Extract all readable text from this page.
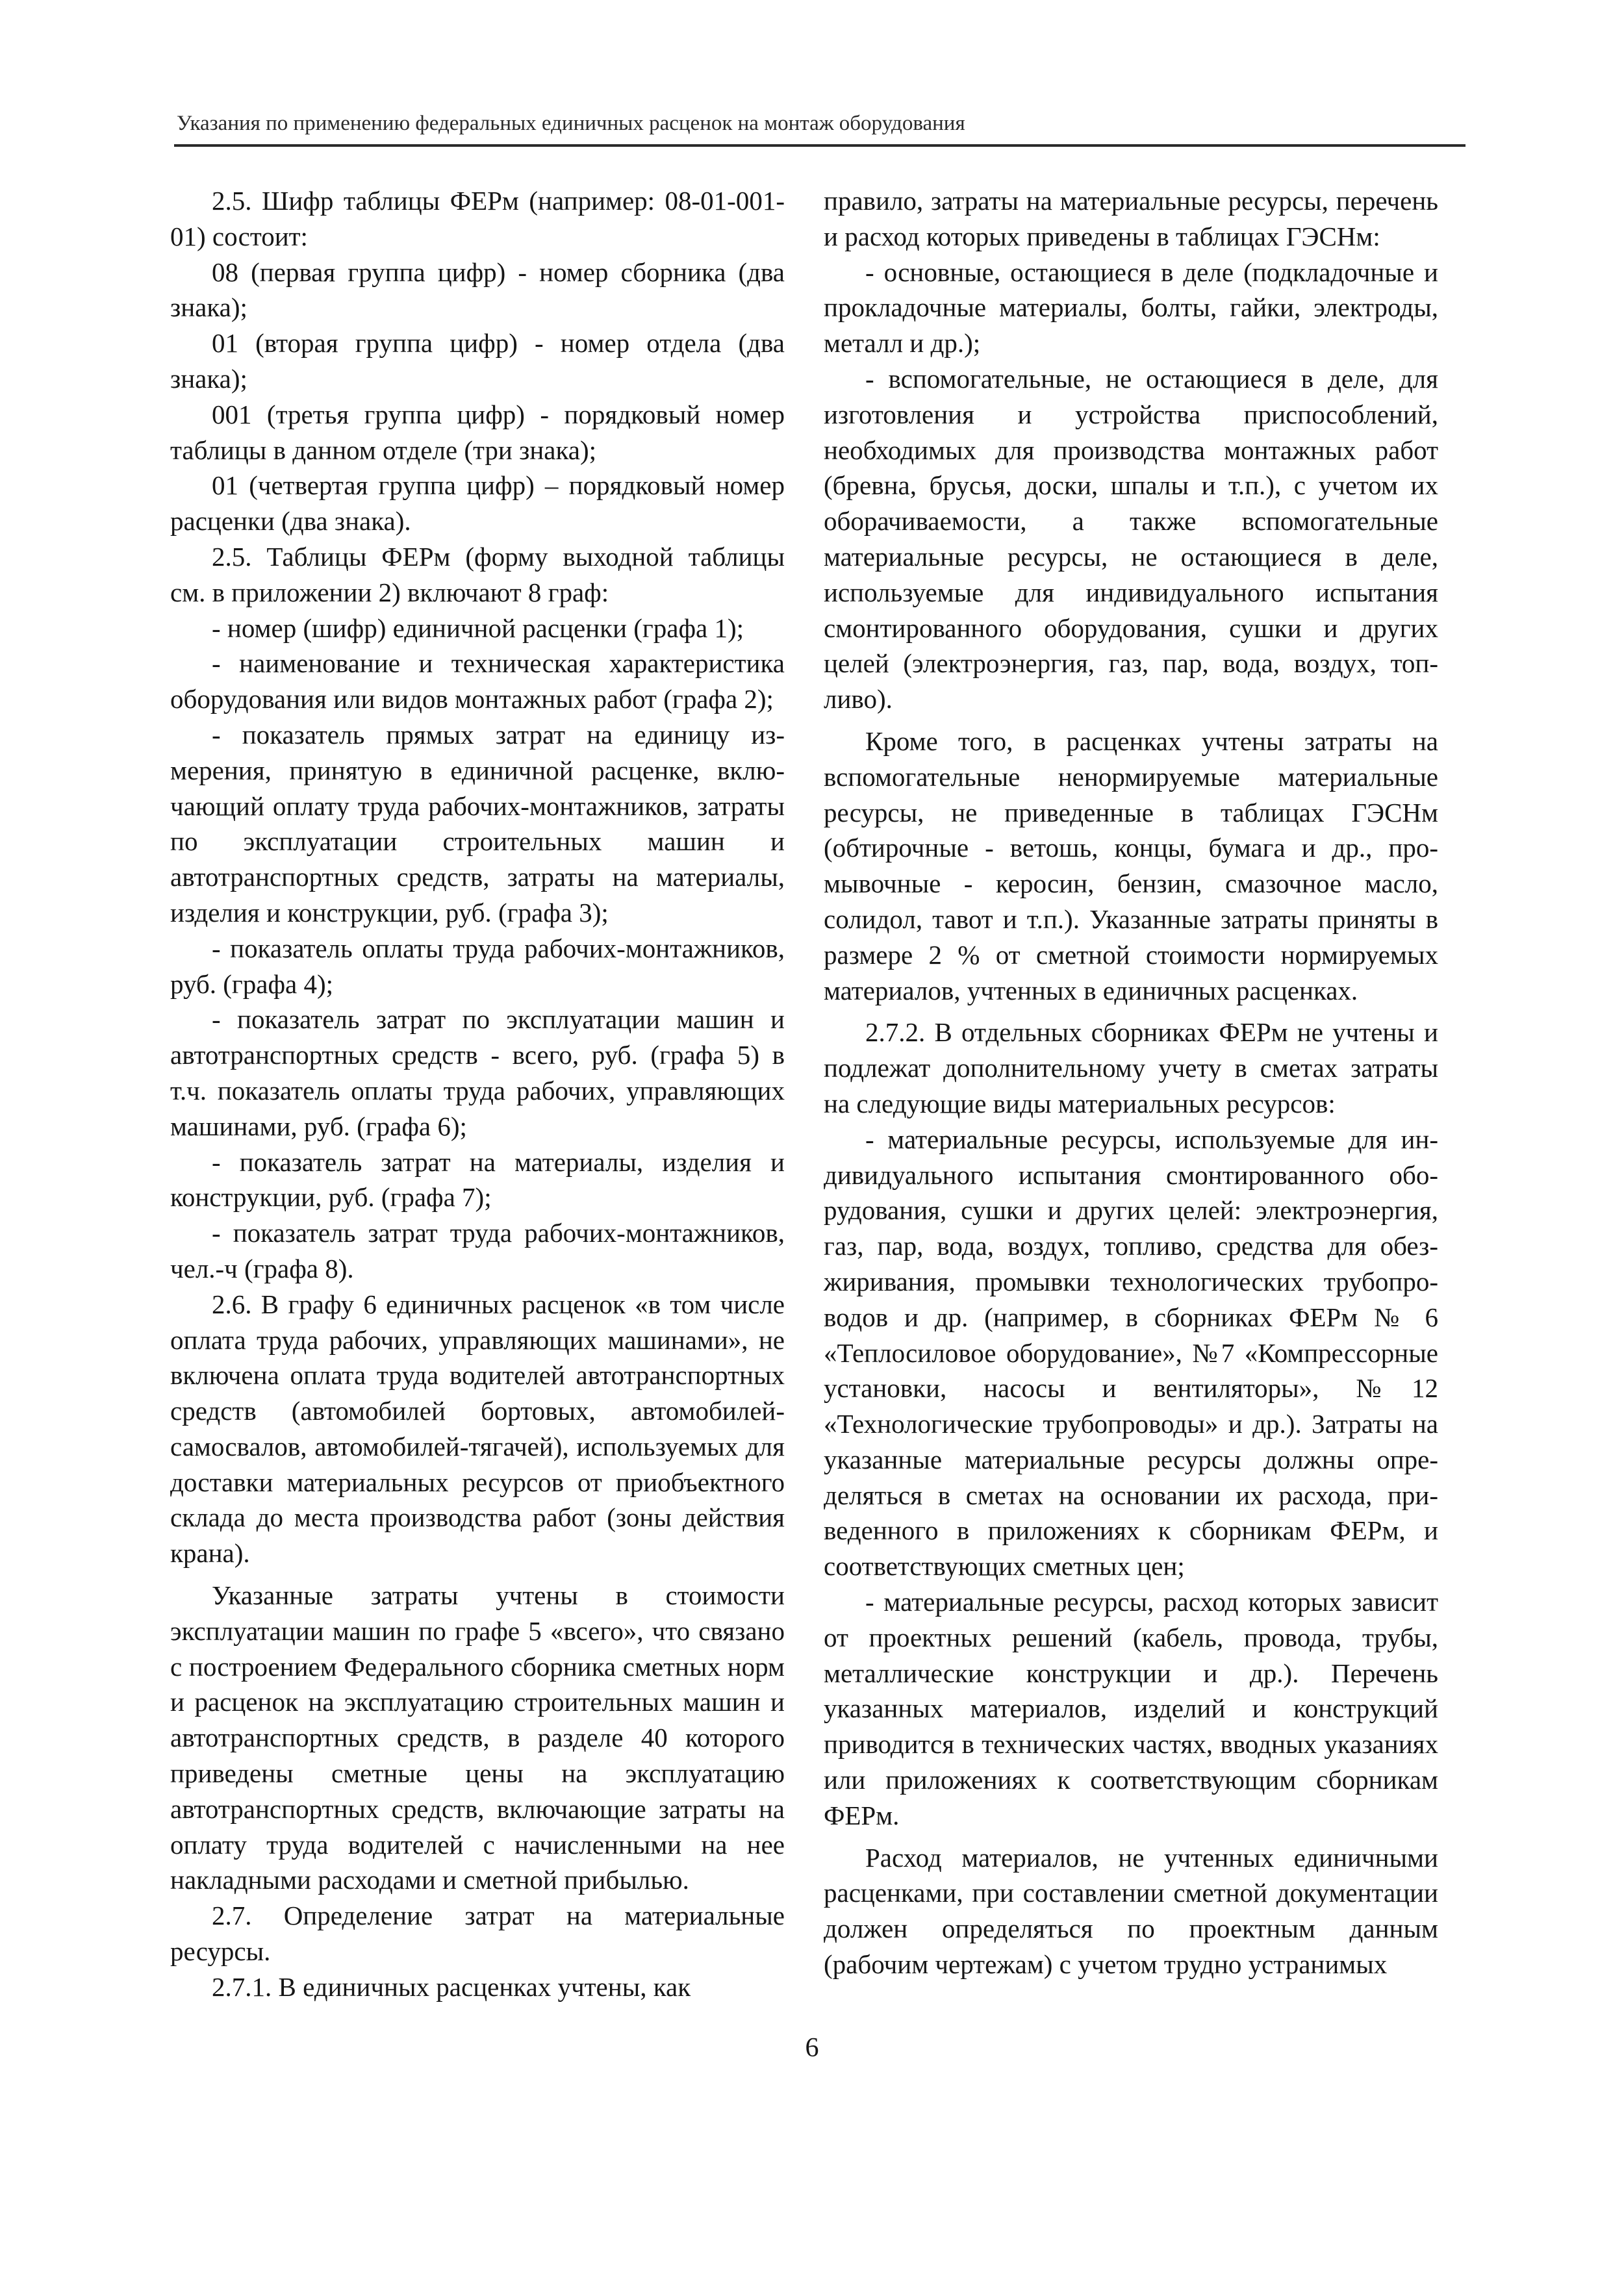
Указания по применению федеральных единичных расценок на монтаж оборудования

2.5. Шифр таблицы ФЕРм (например: 08-01-001-01) состоит:

08 (первая группа цифр) - номер сборника (два знака);

01 (вторая группа цифр) - номер отдела (два знака);

001 (третья группа цифр) - порядковый номер таблицы в данном отделе (три знака);

01 (четвертая группа цифр) – порядковый номер расценки (два знака).

2.5. Таблицы ФЕРм (форму выходной таблицы см. в приложении 2) включают 8 граф:

- номер (шифр) единичной расценки (графа 1);

- наименование и техническая характеристика оборудования или видов монтажных работ (графа 2);

- показатель прямых затрат на единицу измерения, принятую в единичной расценке, включающий оплату труда рабочих-монтажников, затраты по эксплуатации строительных машин и автотранспортных средств, затраты на материалы, изделия и конструкции, руб. (графа 3);

- показатель оплаты труда рабочих-монтажников, руб. (графа 4);

- показатель затрат по эксплуатации машин и автотранспортных средств - всего, руб. (графа 5) в т.ч. показатель оплаты труда рабочих, управляющих машинами, руб. (графа 6);

- показатель затрат на материалы, изделия и конструкции, руб. (графа 7);

- показатель затрат труда рабочих-монтажников, чел.-ч (графа 8).

2.6. В графу 6 единичных расценок «в том числе оплата труда рабочих, управляющих машинами», не включена оплата труда водителей автотранспортных средств (автомобилей бортовых, автомобилей-самосвалов, автомобилей-тягачей), используемых для доставки материальных ресурсов от приобъектного склада до места производства работ (зоны действия крана).

Указанные затраты учтены в стоимости эксплуатации машин по графе 5 «всего», что связано с построением Федерального сборника сметных норм и расценок на эксплуатацию строительных машин и автотранспортных средств, в разделе 40 которого приведены сметные цены на эксплуатацию автотранспортных средств, включающие затраты на оплату труда водителей с начисленными на нее накладными расходами и сметной прибылью.

2.7. Определение затрат на материальные ресурсы.

2.7.1. В единичных расценках учтены, как

правило, затраты на материальные ресурсы, перечень и расход которых приведены в таблицах ГЭСНм:

- основные, остающиеся в деле (подкладочные и прокладочные материалы, болты, гайки, электроды, металл и др.);

- вспомогательные, не остающиеся в деле, для изготовления и устройства приспособлений, необходимых для производства монтажных работ (бревна, брусья, доски, шпалы и т.п.), с учетом их оборачиваемости, а также вспомогательные материальные ресурсы, не остающиеся в деле, используемые для индивидуального испытания смонтированного оборудования, сушки и других целей (электроэнергия, газ, пар, вода, воздух, топливо).

Кроме того, в расценках учтены затраты на вспомогательные ненормируемые материальные ресурсы, не приведенные в таблицах ГЭСНм (обтирочные - ветошь, концы, бумага и др., промывочные - керосин, бензин, смазочное масло, солидол, тавот и т.п.). Указанные затраты приняты в размере 2 % от сметной стоимости нормируемых материалов, учтенных в единичных расценках.

2.7.2. В отдельных сборниках ФЕРм не учтены и подлежат дополнительному учету в сметах затраты на следующие виды материальных ресурсов:

- материальные ресурсы, используемые для индивидуального испытания смонтированного оборудования, сушки и других целей: электроэнергия, газ, пар, вода, воздух, топливо, средства для обезжиривания, промывки технологических трубопроводов и др. (например, в сборниках ФЕРм № 6 «Теплосиловое оборудование», №7 «Компрессорные установки, насосы и вентиляторы», №12 «Технологические трубопроводы» и др.). Затраты на указанные материальные ресурсы должны определяться в сметах на основании их расхода, приведенного в приложениях к сборникам ФЕРм, и соответствующих сметных цен;

- материальные ресурсы, расход которых зависит от проектных решений (кабель, провода, трубы, металлические конструкции и др.). Перечень указанных материалов, изделий и конструкций приводится в технических частях, вводных указаниях или приложениях к соответствующим сборникам ФЕРм.

Расход материалов, не учтенных единичными расценками, при составлении сметной документации должен определяться по проектным данным (рабочим чертежам) с учетом трудно устранимых

6
